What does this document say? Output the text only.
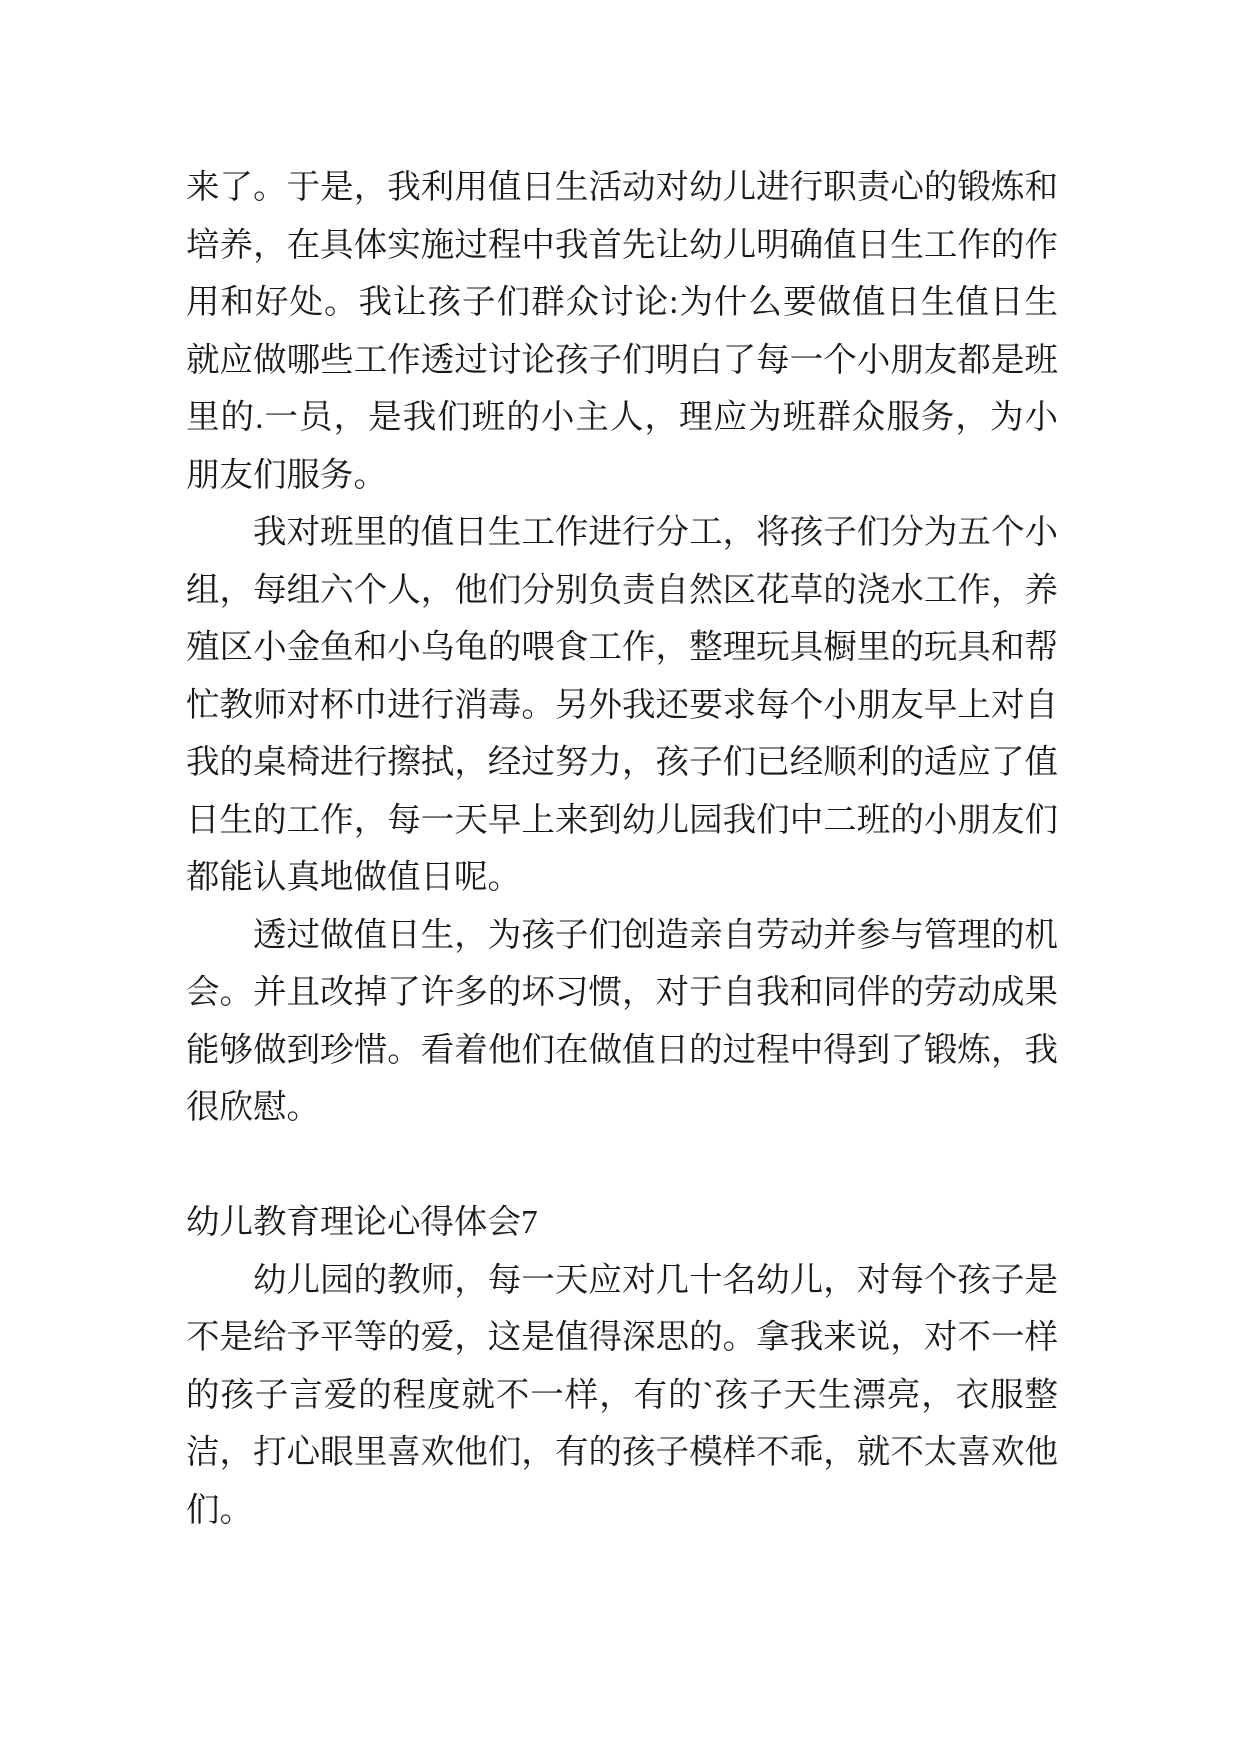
来了。于是，我利用值日生活动对幼儿进行职责心的锻炼和培养，在具体实施过程中我首先让幼儿明确值日生工作的作用和好处。我让孩子们群众讨论:为什么要做值日生值日生就应做哪些工作透过讨论孩子们明白了每一个小朋友都是班里的.一员，是我们班的小主人，理应为班群众服务，为小朋友们服务。

我对班里的值日生工作进行分工，将孩子们分为五个小组，每组六个人，他们分别负责自然区花草的浇水工作，养殖区小金鱼和小乌龟的喂食工作，整理玩具橱里的玩具和帮忙教师对杯巾进行消毒。另外我还要求每个小朋友早上对自我的桌椅进行擦拭，经过努力，孩子们已经顺利的适应了值日生的工作，每一天早上来到幼儿园我们中二班的小朋友们都能认真地做值日呢。

透过做值日生，为孩子们创造亲自劳动并参与管理的机会。并且改掉了许多的坏习惯，对于自我和同伴的劳动成果能够做到珍惜。看着他们在做值日的过程中得到了锻炼，我很欣慰。

幼儿教育理论心得体会7

幼儿园的教师，每一天应对几十名幼儿，对每个孩子是不是给予平等的爱，这是值得深思的。拿我来说，对不一样的孩子言爱的程度就不一样，有的`孩子天生漂亮，衣服整洁，打心眼里喜欢他们，有的孩子模样不乖，就不太喜欢他们。
